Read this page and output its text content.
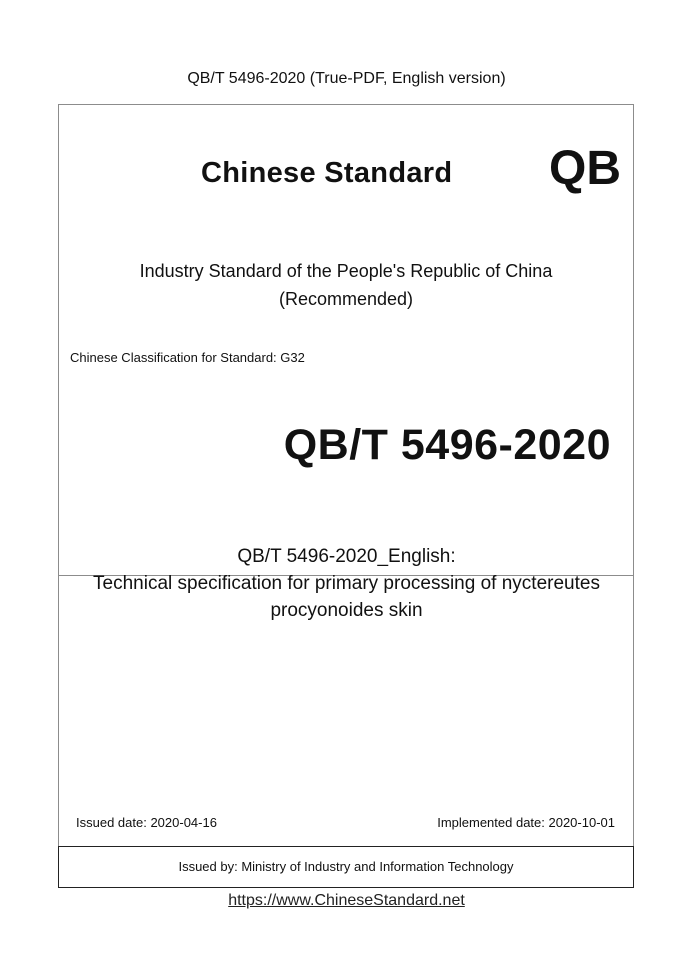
QB/T 5496-2020 (True-PDF, English version)
Chinese Standard QB
Industry Standard of the People's Republic of China
(Recommended)
Chinese Classification for Standard: G32
QB/T 5496-2020
QB/T 5496-2020_English:
Technical specification for primary processing of nyctereutes
procyonoides skin
Issued date: 2020-04-16	Implemented date: 2020-10-01
Issued by: Ministry of Industry and Information Technology
https://www.ChineseStandard.net
